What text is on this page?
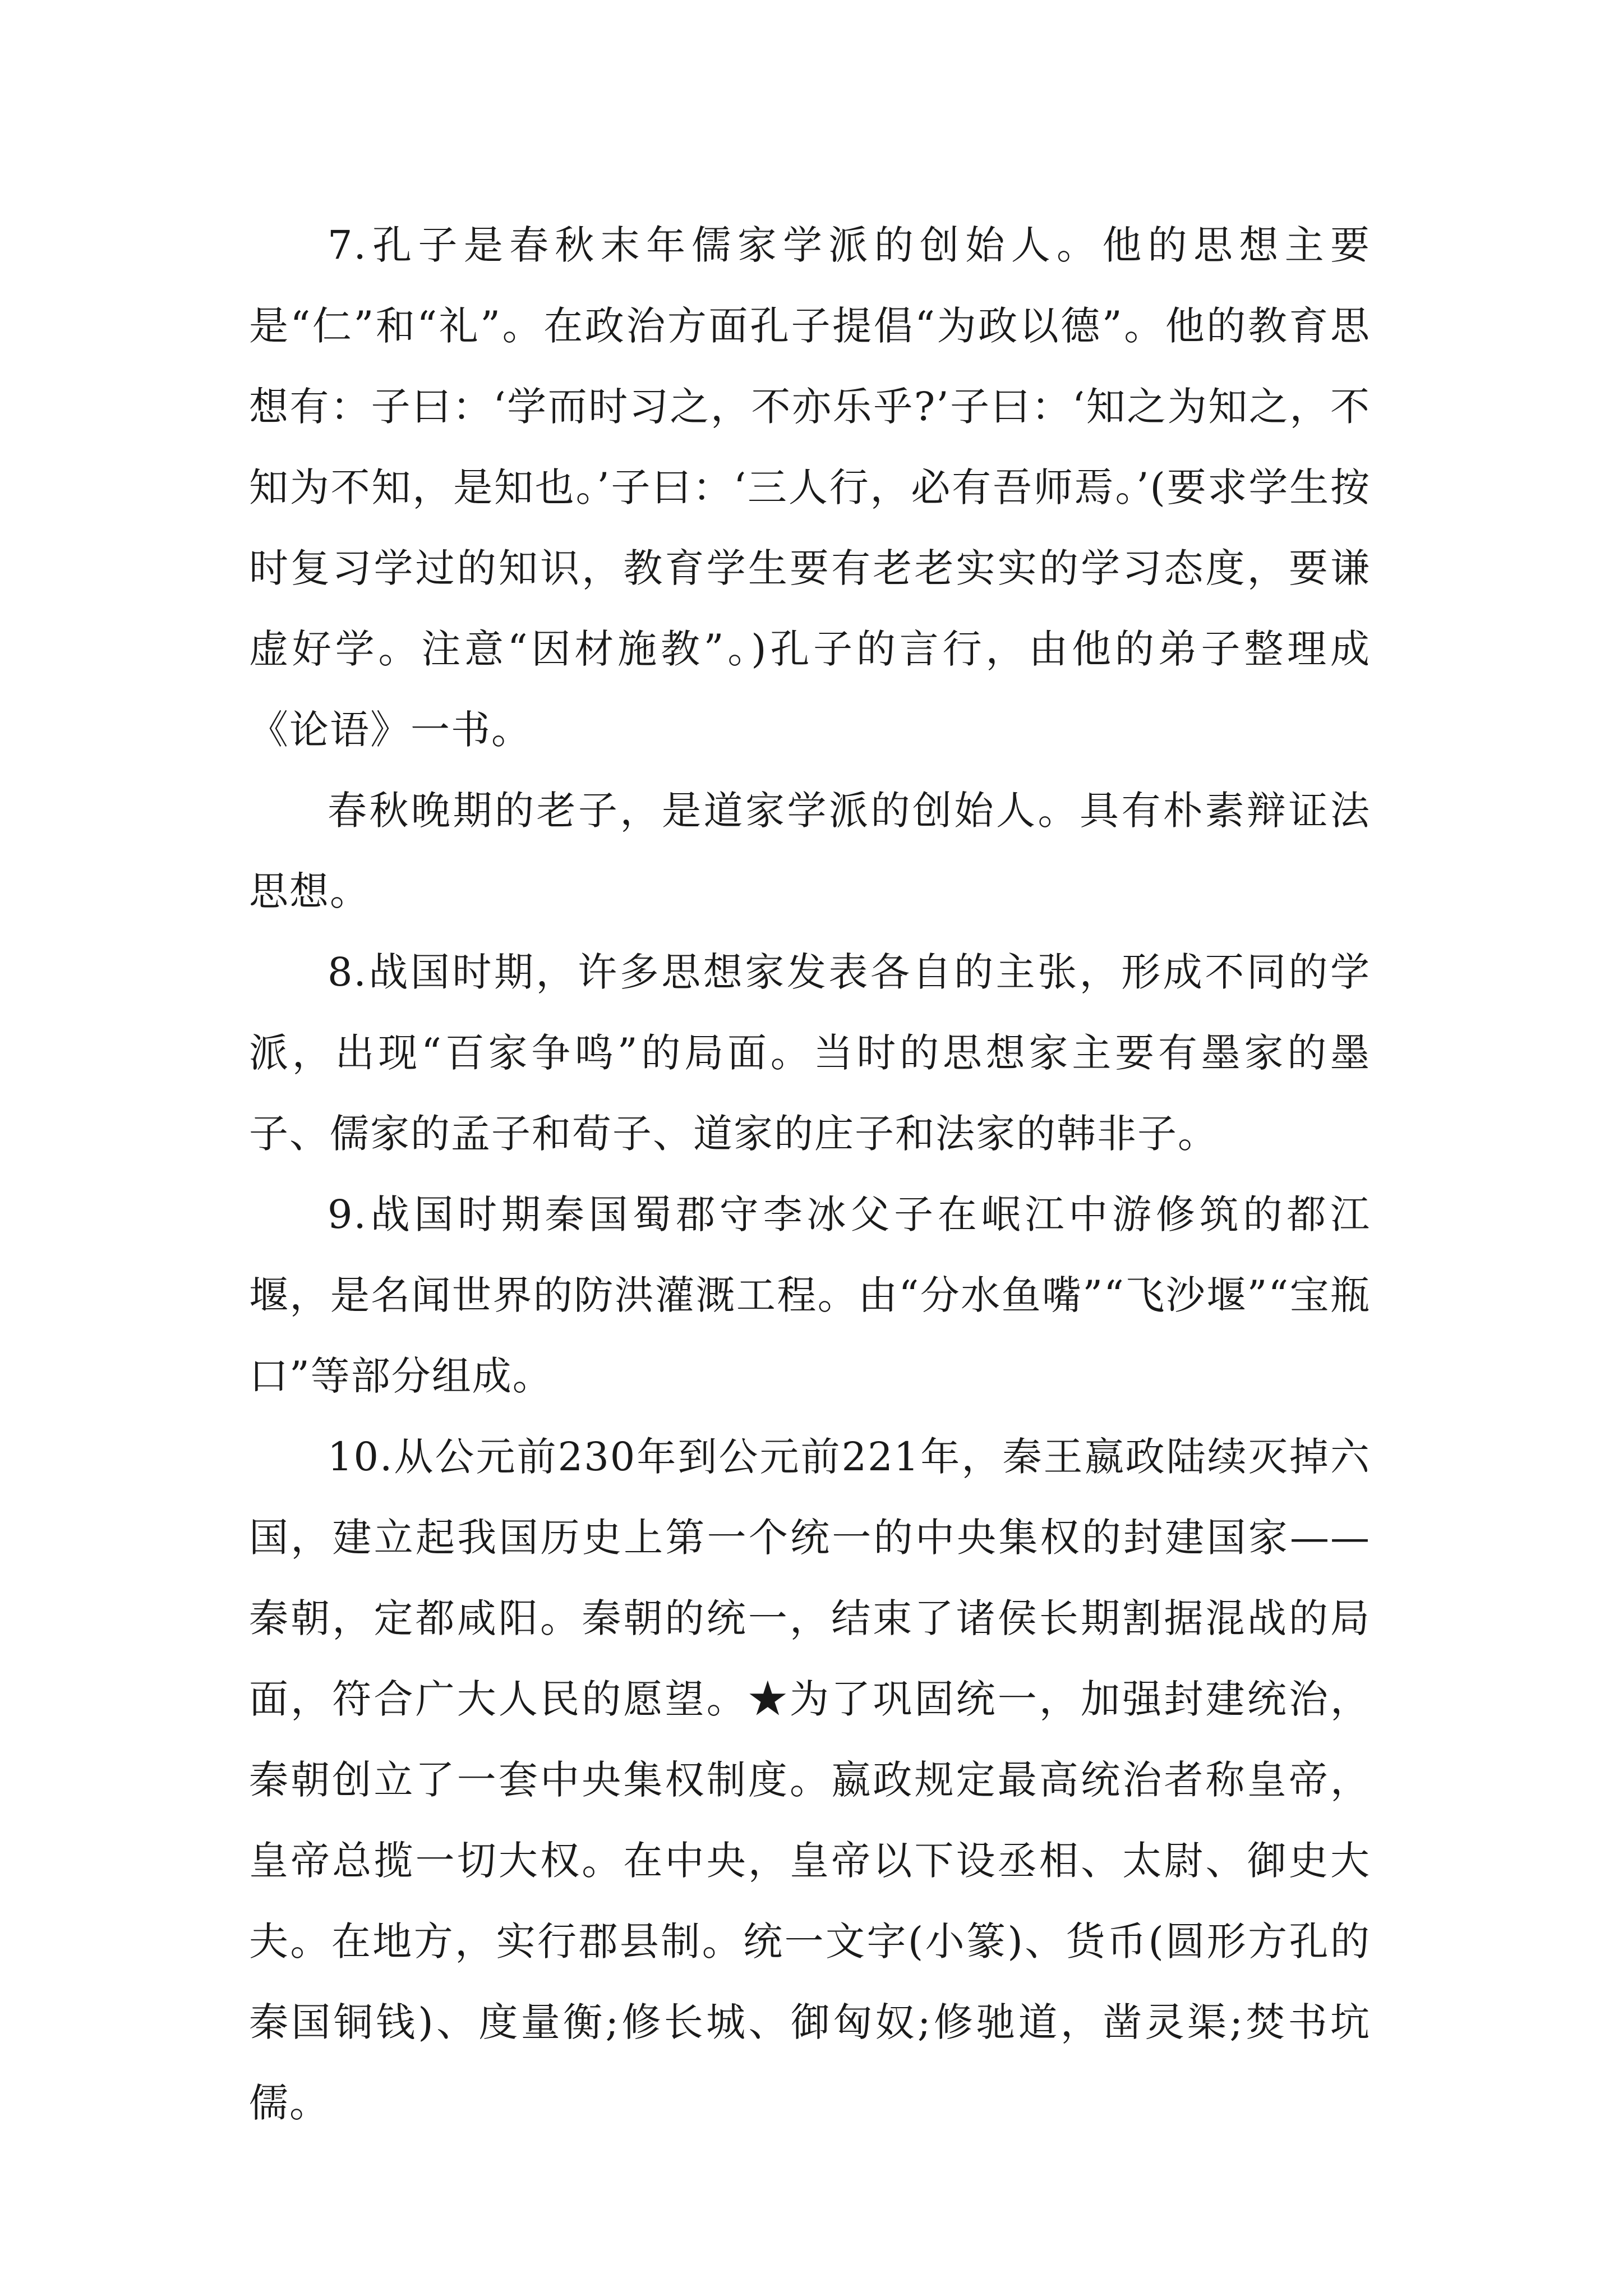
7.孔子是春秋末年儒家学派的创始人。他的思想主要是“仁”和“礼”。在政治方面孔子提倡“为政以德”。他的教育思想有：子曰：‘学而时习之，不亦乐乎?’子曰：‘知之为知之，不知为不知，是知也。’子曰：‘三人行，必有吾师焉。’(要求学生按时复习学过的知识，教育学生要有老老实实的学习态度，要谦虚好学。注意“因材施教”。)孔子的言行，由他的弟子整理成《论语》一书。

春秋晚期的老子，是道家学派的创始人。具有朴素辩证法思想。

8.战国时期，许多思想家发表各自的主张，形成不同的学派，出现“百家争鸣”的局面。当时的思想家主要有墨家的墨子、儒家的孟子和荀子、道家的庄子和法家的韩非子。

9.战国时期秦国蜀郡守李冰父子在岷江中游修筑的都江堰，是名闻世界的防洪灌溉工程。由“分水鱼嘴”“飞沙堰”“宝瓶口”等部分组成。

10.从公元前230年到公元前221年，秦王嬴政陆续灭掉六国，建立起我国历史上第一个统一的中央集权的封建国家——秦朝，定都咸阳。秦朝的统一，结束了诸侯长期割据混战的局面，符合广大人民的愿望。★为了巩固统一，加强封建统治，秦朝创立了一套中央集权制度。嬴政规定最高统治者称皇帝，皇帝总揽一切大权。在中央，皇帝以下设丞相、太尉、御史大夫。在地方，实行郡县制。统一文字(小篆)、货币(圆形方孔的秦国铜钱)、度量衡;修长城、御匈奴;修驰道，凿灵渠;焚书坑儒。
